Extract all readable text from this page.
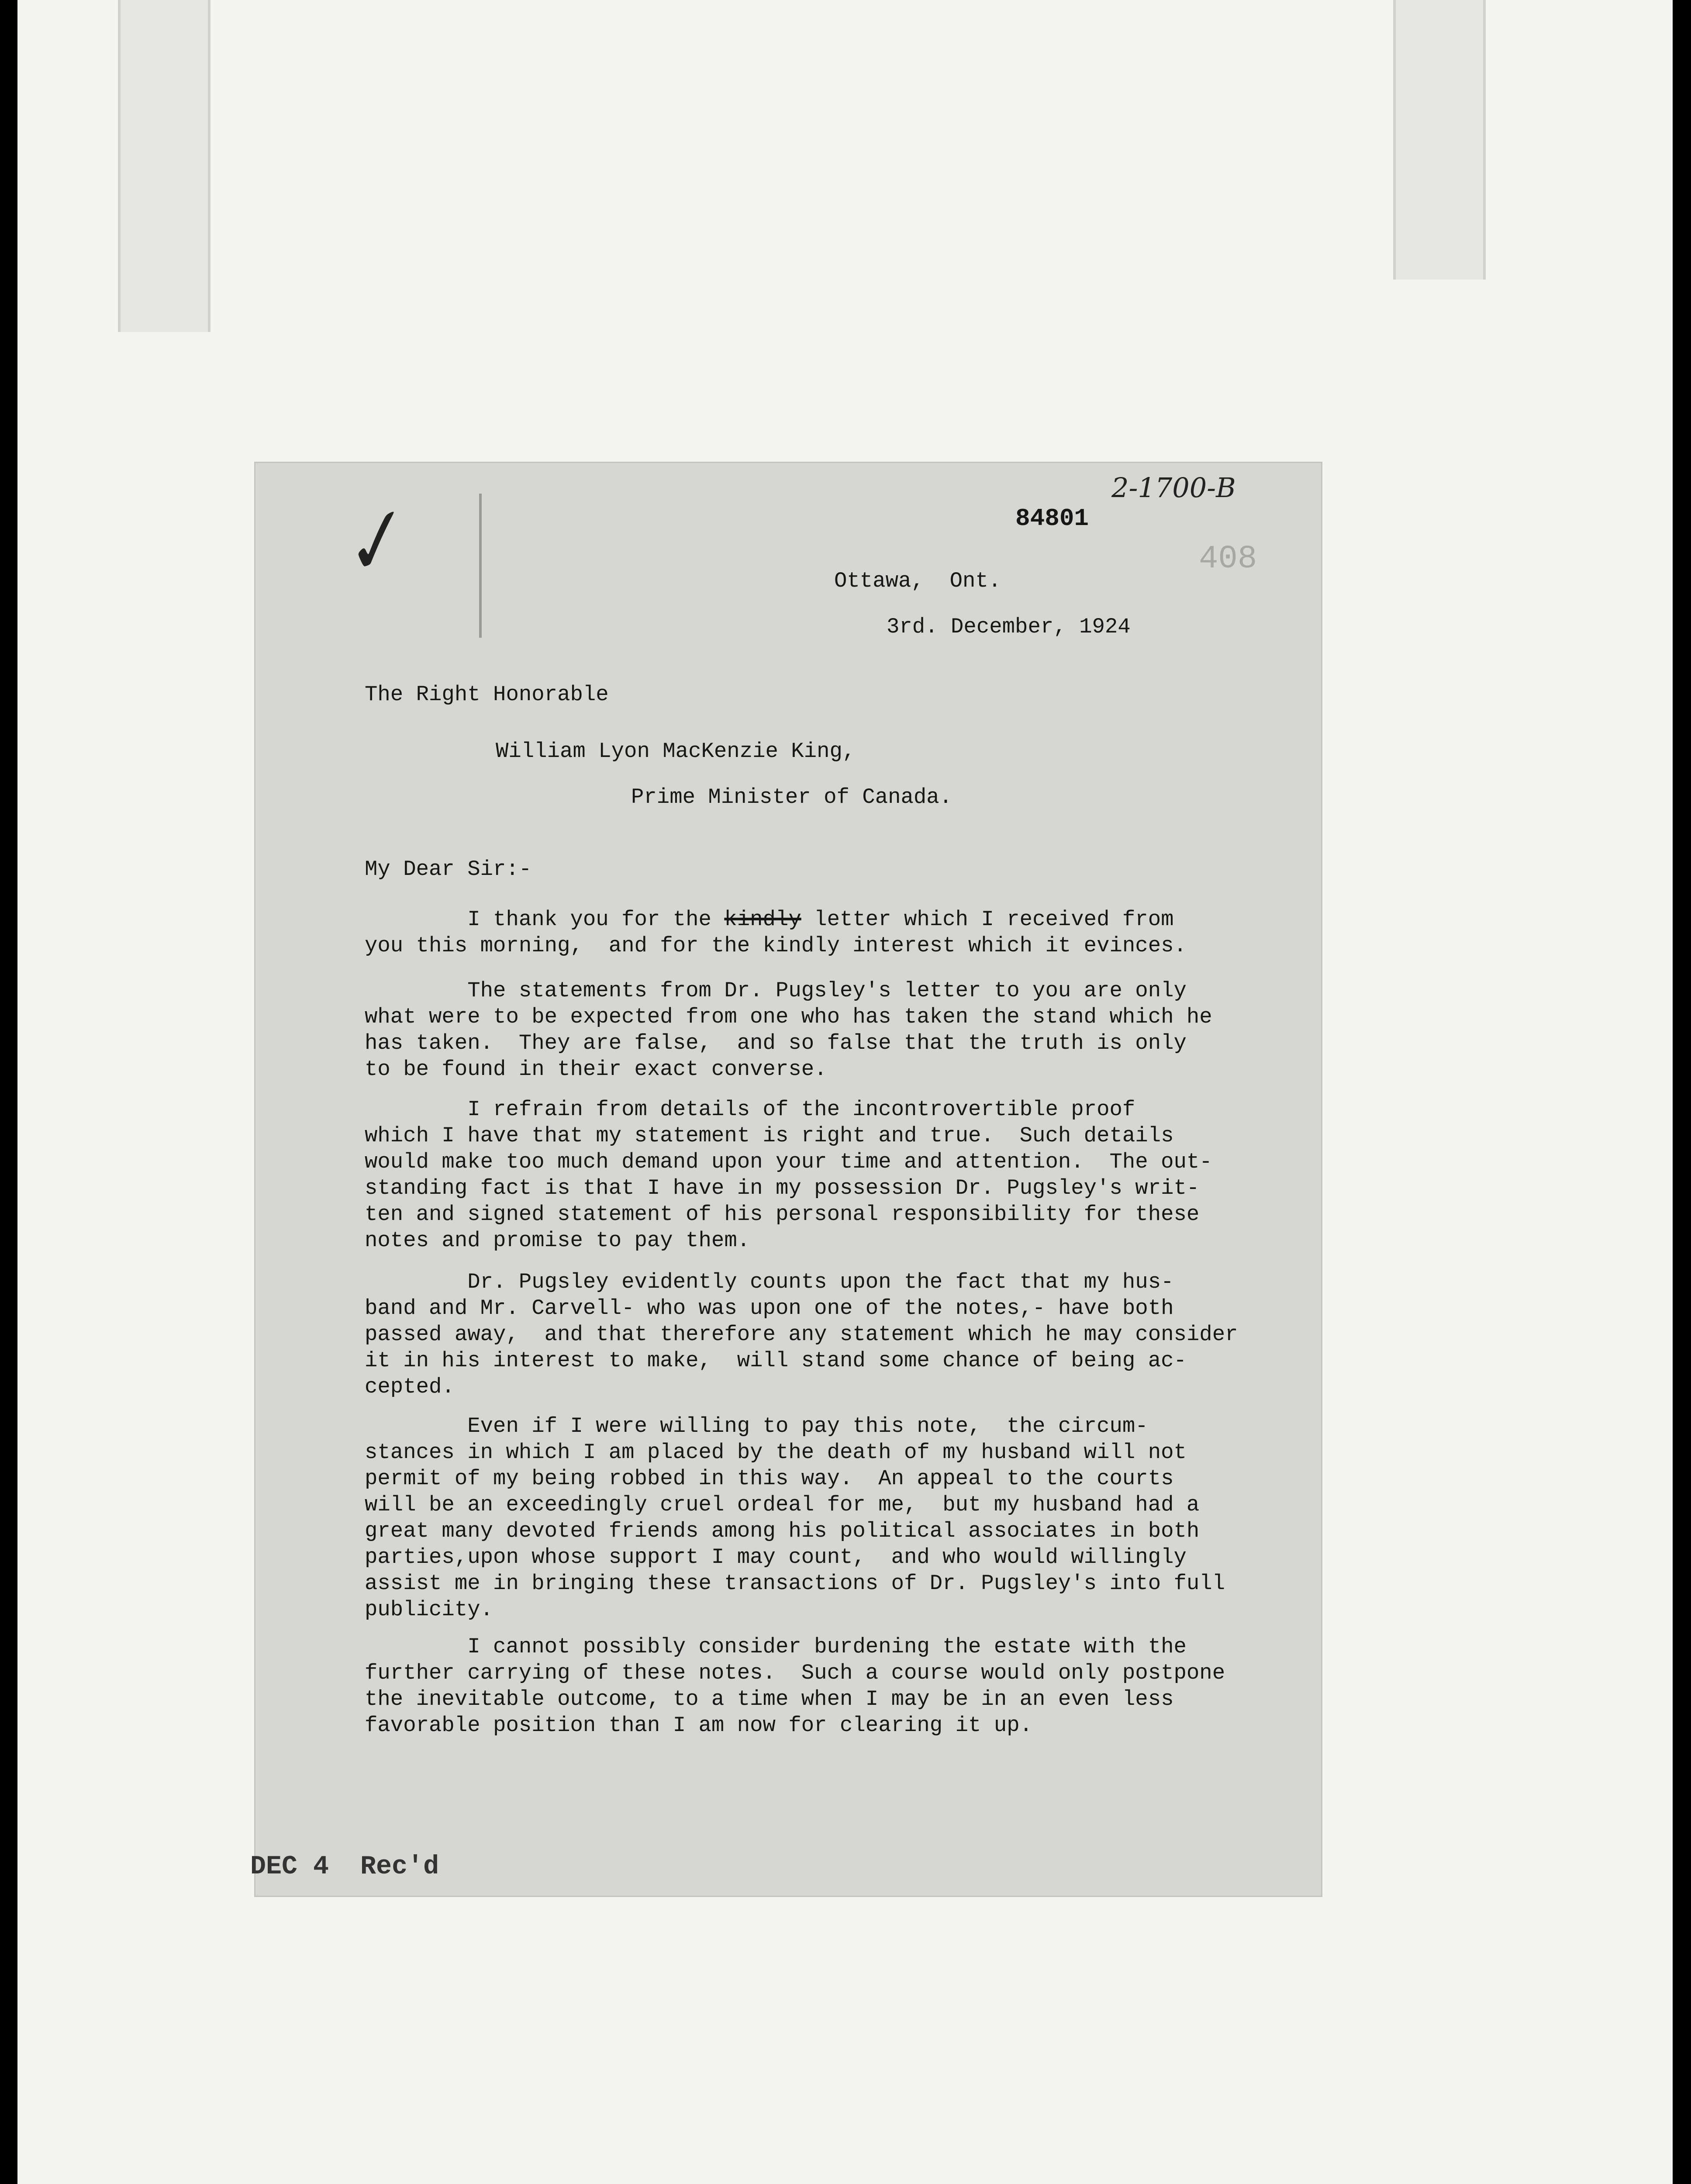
✓
2-1700-B
84801
408
Ottawa,  Ont.
3rd. December, 1924
The Right Honorable
William Lyon MacKenzie King,
Prime Minister of Canada.
My Dear Sir:-
I thank you for the kindly letter which I received from
you this morning,  and for the kindly interest which it evinces.
The statements from Dr. Pugsley's letter to you are only
what were to be expected from one who has taken the stand which he
has taken.  They are false,  and so false that the truth is only
to be found in their exact converse.
I refrain from details of the incontrovertible proof
which I have that my statement is right and true.  Such details
would make too much demand upon your time and attention.  The out-
standing fact is that I have in my possession Dr. Pugsley's writ-
ten and signed statement of his personal responsibility for these
notes and promise to pay them.
Dr. Pugsley evidently counts upon the fact that my hus-
band and Mr. Carvell- who was upon one of the notes,- have both
passed away,  and that therefore any statement which he may consider
it in his interest to make,  will stand some chance of being ac-
cepted.
Even if I were willing to pay this note,  the circum-
stances in which I am placed by the death of my husband will not
permit of my being robbed in this way.  An appeal to the courts
will be an exceedingly cruel ordeal for me,  but my husband had a
great many devoted friends among his political associates in both
parties,upon whose support I may count,  and who would willingly
assist me in bringing these transactions of Dr. Pugsley's into full
publicity.
I cannot possibly consider burdening the estate with the
further carrying of these notes.  Such a course would only postpone
the inevitable outcome, to a time when I may be in an even less
favorable position than I am now for clearing it up.
DEC 4  Rec'd
